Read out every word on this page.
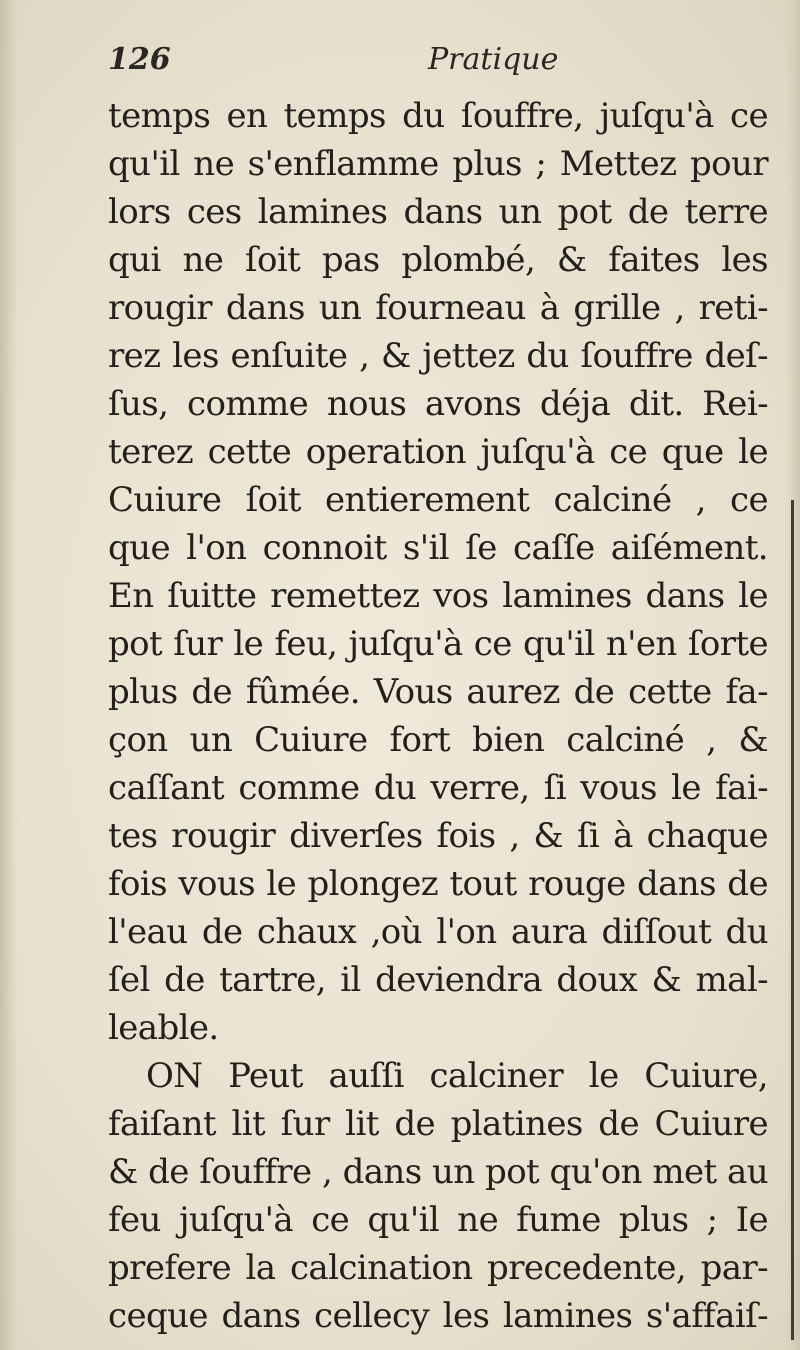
126	Pratique
temps en temps du ſouffre, juſqu'à ce
qu'il ne s'enflamme plus ; Mettez pour
lors ces lamines dans un pot de terre
qui ne ſoit pas plombé, & faites les
rougir dans un fourneau à grille , reti-
rez les enſuite , & jettez du ſouffre deſ-
ſus, comme nous avons déja dit. Rei-
terez cette operation juſqu'à ce que le
Cuiure ſoit entierement calciné , ce
que l'on connoit s'il ſe caſſe aiſément.
En ſuitte remettez vos lamines dans le
pot ſur le feu, juſqu'à ce qu'il n'en ſorte
plus de fûmée. Vous aurez de cette fa-
çon un Cuiure fort bien calciné , &
caſſant comme du verre, ſi vous le fai-
tes rougir diverſes fois , & ſi à chaque
fois vous le plongez tout rouge dans de
l'eau de chaux ,où l'on aura diſſout du
ſel de tartre, il deviendra doux & mal-
leable.
ON Peut auſſi calciner le Cuiure,
faiſant lit ſur lit de platines de Cuiure
& de ſouffre , dans un pot qu'on met au
feu juſqu'à ce qu'il ne fume plus ; Ie
prefere la calcination precedente, par-
ceque dans cellecy les lamines s'affaiſ-
